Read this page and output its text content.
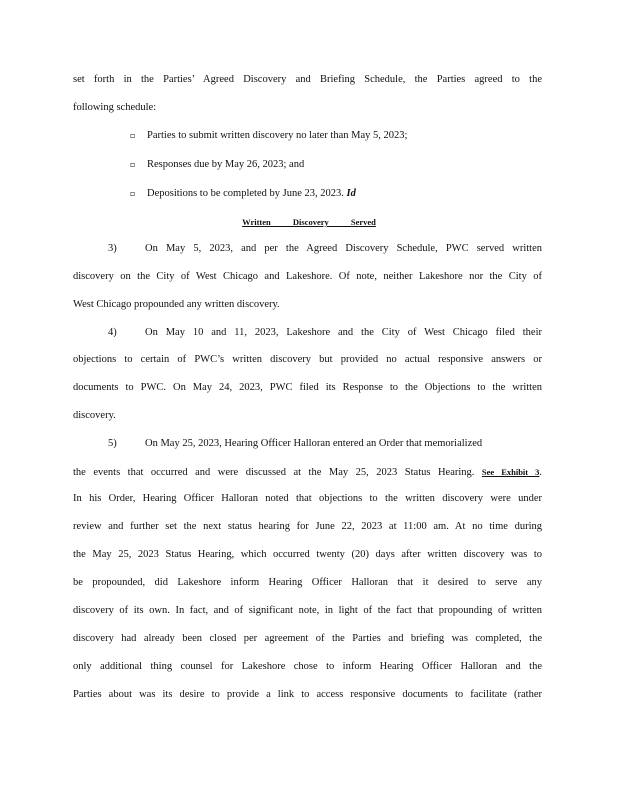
set forth in the Parties’ Agreed Discovery and Briefing Schedule, the Parties agreed to the
following schedule:
▫ Parties to submit written discovery no later than May 5, 2023;
▫ Responses due by May 26, 2023; and
▫ Depositions to be completed by June 23, 2023. Id
Written Discovery Served
3)	On May 5, 2023, and per the Agreed Discovery Schedule, PWC served written
discovery on the City of West Chicago and Lakeshore. Of note, neither Lakeshore nor the City of
West Chicago propounded any written discovery.
4)	On May 10 and 11, 2023, Lakeshore and the City of West Chicago filed their
objections to certain of PWC’s written discovery but provided no actual responsive answers or
documents to PWC. On May 24, 2023, PWC filed its Response to the Objections to the written
discovery.
5)	On May 25, 2023, Hearing Officer Halloran entered an Order that memorialized
the events that occurred and were discussed at the May 25, 2023 Status Hearing. See Exhibit 3.
In his Order, Hearing Officer Halloran noted that objections to the written discovery were under
review and further set the next status hearing for June 22, 2023 at 11:00 am. At no time during
the May 25, 2023 Status Hearing, which occurred twenty (20) days after written discovery was to
be propounded, did Lakeshore inform Hearing Officer Halloran that it desired to serve any
discovery of its own. In fact, and of significant note, in light of the fact that propounding of written
discovery had already been closed per agreement of the Parties and briefing was completed, the
only additional thing counsel for Lakeshore chose to inform Hearing Officer Halloran and the
Parties about was its desire to provide a link to access responsive documents to facilitate (rather
